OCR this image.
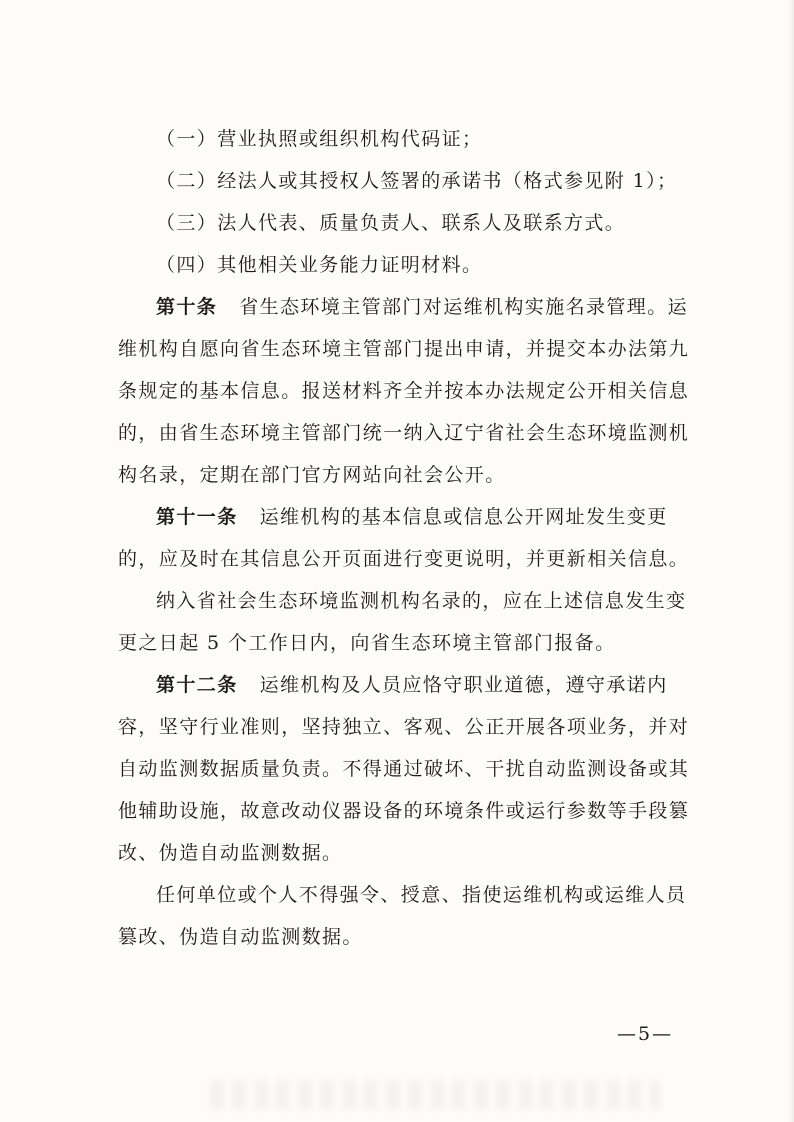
（一）营业执照或组织机构代码证；

（二）经法人或其授权人签署的承诺书（格式参见附 1）；

（三）法人代表、质量负责人、联系人及联系方式。

（四）其他相关业务能力证明材料。

第十条 省生态环境主管部门对运维机构实施名录管理。运维机构自愿向省生态环境主管部门提出申请，并提交本办法第九条规定的基本信息。报送材料齐全并按本办法规定公开相关信息的，由省生态环境主管部门统一纳入辽宁省社会生态环境监测机构名录，定期在部门官方网站向社会公开。

第十一条 运维机构的基本信息或信息公开网址发生变更的，应及时在其信息公开页面进行变更说明，并更新相关信息。

纳入省社会生态环境监测机构名录的，应在上述信息发生变更之日起 5 个工作日内，向省生态环境主管部门报备。

第十二条 运维机构及人员应恪守职业道德，遵守承诺内容，坚守行业准则，坚持独立、客观、公正开展各项业务，并对自动监测数据质量负责。不得通过破坏、干扰自动监测设备或其他辅助设施，故意改动仪器设备的环境条件或运行参数等手段篡改、伪造自动监测数据。

任何单位或个人不得强令、授意、指使运维机构或运维人员篡改、伪造自动监测数据。

—5—
